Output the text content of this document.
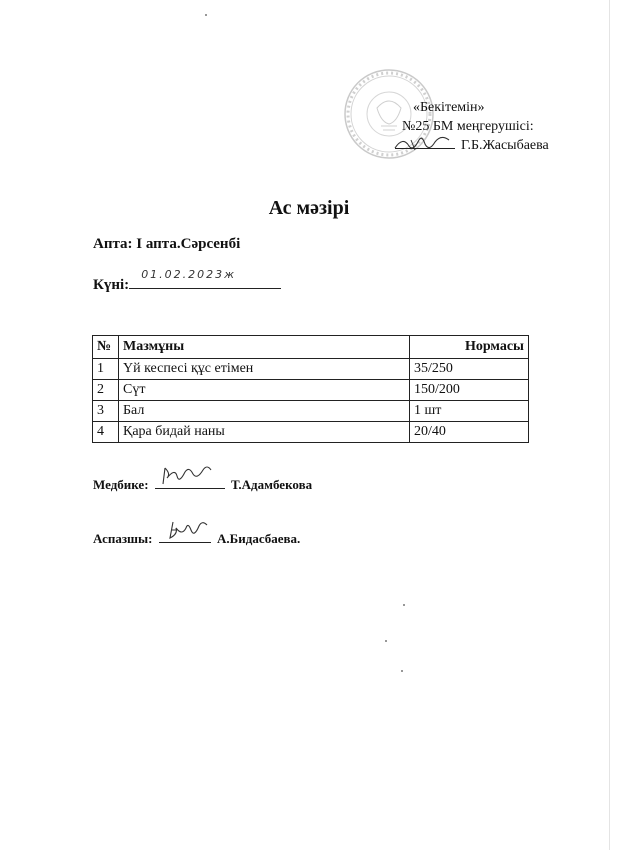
«Бекітемін»
№25 БМ меңгерушісі:
Г.Б.Жасыбаева
Ас мәзірі
Апта: I апта.Сәрсенбі
Күні:
01.02.2023ж
№	Мазмұны	Нормасы
1	Үй кеспесі құс етімен	35/250
2	Сүт	150/200
3	Бал	1 шт
4	Қара бидай наны	20/40
Медбике:	Т.Адамбекова
Аспазшы:	А.Бидасбаева.
